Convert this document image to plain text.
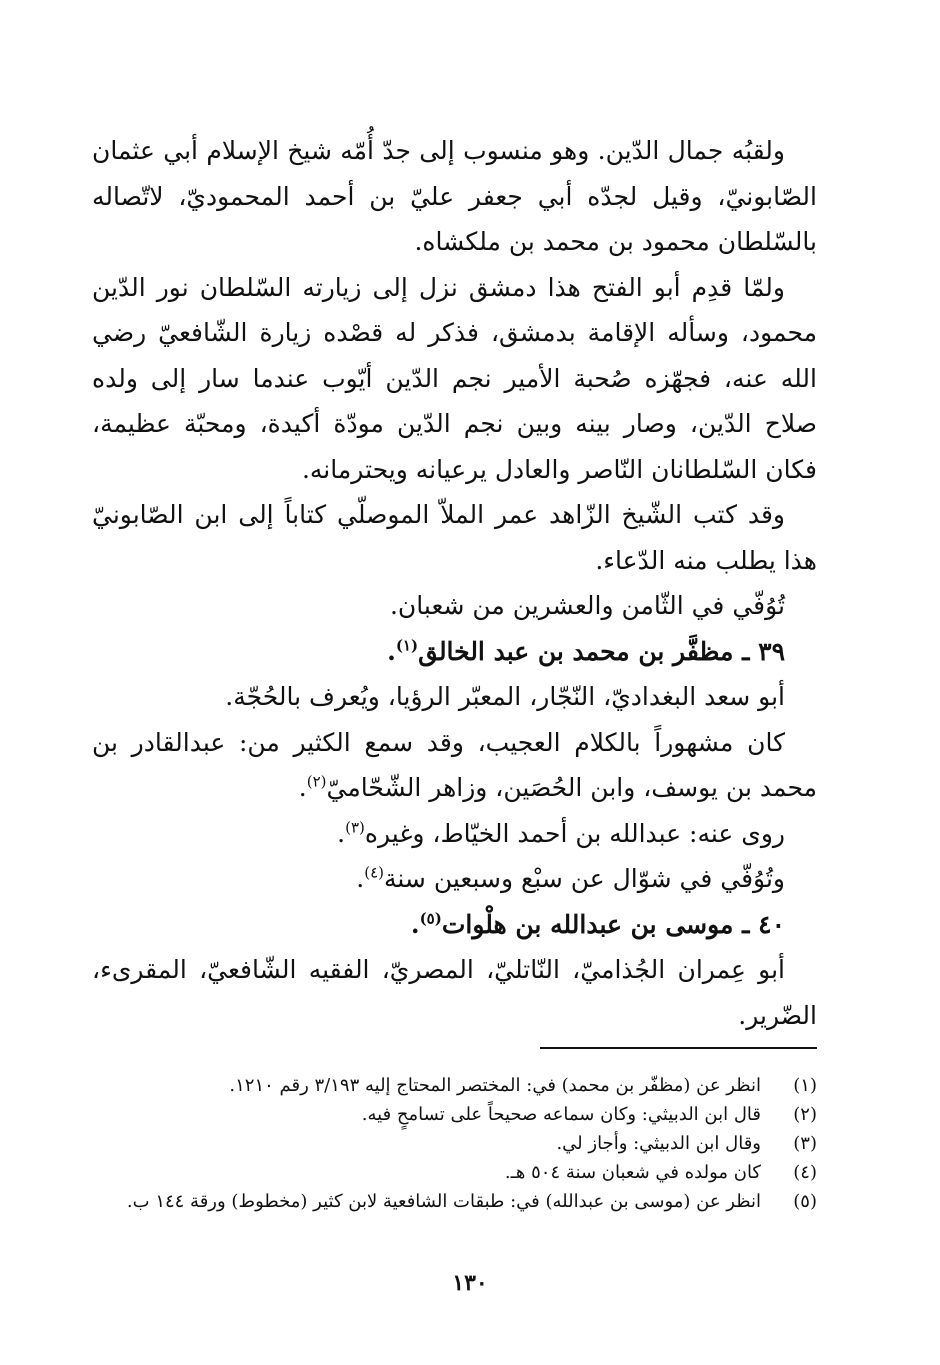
ولقبُه جمال الدّين. وهو منسوب إلى جدّ أُمّه شيخ الإسلام أبي عثمان الصّابونيّ، وقيل لجدّه أبي جعفر عليّ بن أحمد المحموديّ، لاتّصاله بالسّلطان محمود بن محمد بن ملكشاه.

ولمّا قدِم أبو الفتح هذا دمشق نزل إلى زيارته السّلطان نور الدّين محمود، وسأله الإقامة بدمشق، فذكر له قصْده زيارة الشّافعيّ رضي الله عنه، فجهّزه صُحبة الأمير نجم الدّين أيّوب عندما سار إلى ولده صلاح الدّين، وصار بينه وبين نجم الدّين مودّة أكيدة، ومحبّة عظيمة، فكان السّلطانان النّاصر والعادل يرعيانه ويحترمانه.

وقد كتب الشّيخ الزّاهد عمر الملاّ الموصلّي كتاباً إلى ابن الصّابونيّ هذا يطلب منه الدّعاء.

تُوُفّي في الثّامن والعشرين من شعبان.

٣٩ ـ مظفَّر بن محمد بن عبد الخالق$^{(١)}$.

أبو سعد البغداديّ، النّجّار، المعبّر الرؤيا، ويُعرف بالحُجّة.

كان مشهوراً بالكلام العجيب، وقد سمع الكثير من: عبدالقادر بن محمد بن يوسف، وابن الحُصَين، وزاهر الشّحّاميّ$^{(٢)}$.

روى عنه: عبدالله بن أحمد الخيّاط، وغيره$^{(٣)}$.

وتُوُفّي في شوّال عن سبْع وسبعين سنة$^{(٤)}$.

٤٠ ـ موسى بن عبدالله بن هلْوات$^{(٥)}$.

أبو عِمران الجُذاميّ، النّاتليّ، المصريّ، الفقيه الشّافعيّ، المقرىء، الضّرير.

(١)
انظر عن (مظفّر بن محمد) في: المختصر المحتاج إليه ٣/١٩٣ رقم ١٢١٠.
(٢)
قال ابن الدبيثي: وكان سماعه صحيحاً على تسامحٍ فيه.
(٣)
وقال ابن الدبيثي: وأجاز لي.
(٤)
كان مولده في شعبان سنة ٥٠٤ هـ.
(٥)
انظر عن (موسى بن عبدالله) في: طبقات الشافعية لابن كثير (مخطوط) ورقة ١٤٤ ب.
١٣٠
